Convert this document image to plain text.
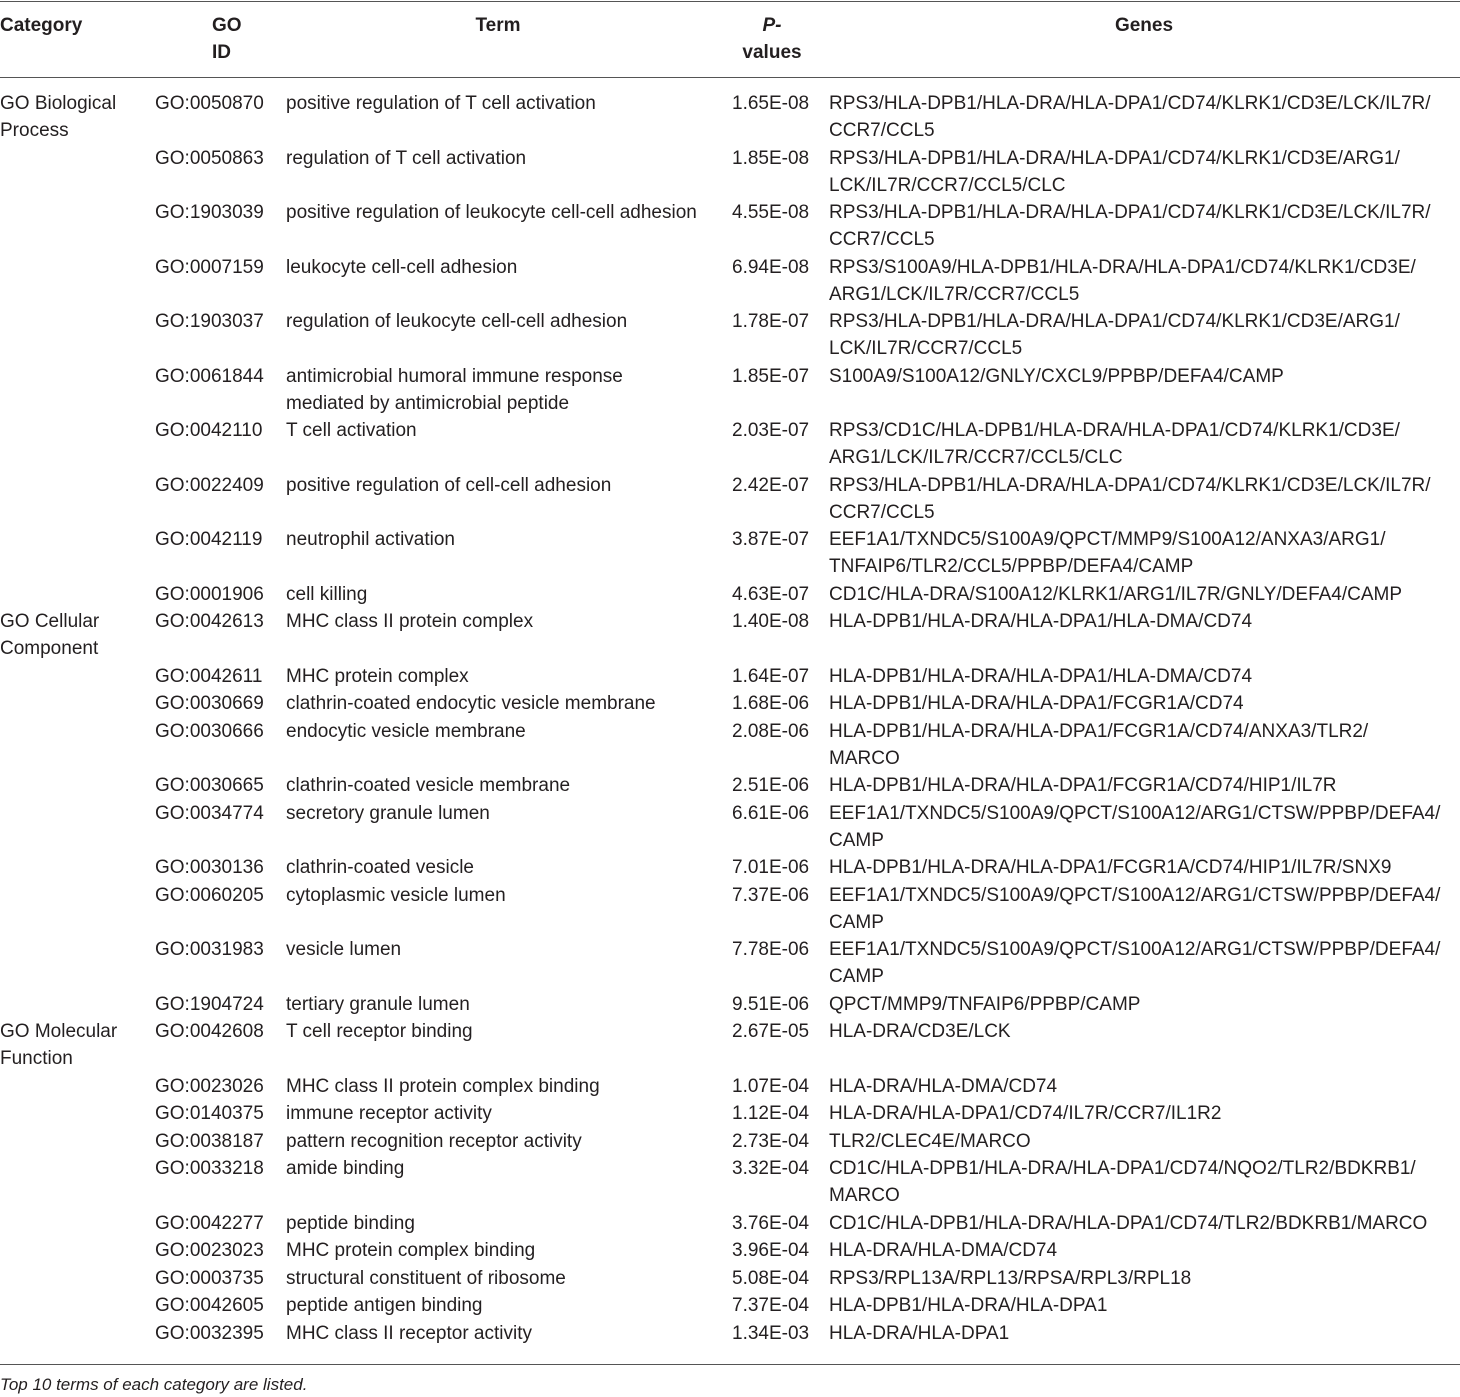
Category	GO ID
Term	P-
values
Genes
GO Biological
Process
GO:0050870 positive regulation of T cell activation	1.65E-08 RPS3/HLA-DPB1/HLA-DRA/HLA-DPA1/CD74/KLRK1/CD3E/LCK/IL7R/
CCR7/CCL5
GO:0050863 regulation of T cell activation	1.85E-08 RPS3/HLA-DPB1/HLA-DRA/HLA-DPA1/CD74/KLRK1/CD3E/ARG1/
LCK/IL7R/CCR7/CCL5/CLC
GO:1903039 positive regulation of leukocyte cell-cell adhesion 4.55E-08 RPS3/HLA-DPB1/HLA-DRA/HLA-DPA1/CD74/KLRK1/CD3E/LCK/IL7R/
CCR7/CCL5
GO:0007159 leukocyte cell-cell adhesion	6.94E-08 RPS3/S100A9/HLA-DPB1/HLA-DRA/HLA-DPA1/CD74/KLRK1/CD3E/
ARG1/LCK/IL7R/CCR7/CCL5
GO:1903037 regulation of leukocyte cell-cell adhesion	1.78E-07 RPS3/HLA-DPB1/HLA-DRA/HLA-DPA1/CD74/KLRK1/CD3E/ARG1/
LCK/IL7R/CCR7/CCL5
GO:0061844 antimicrobial humoral immune response
mediated by antimicrobial peptide
1.85E-07 S100A9/S100A12/GNLY/CXCL9/PPBP/DEFA4/CAMP
GO:0042110 T cell activation	2.03E-07 RPS3/CD1C/HLA-DPB1/HLA-DRA/HLA-DPA1/CD74/KLRK1/CD3E/
ARG1/LCK/IL7R/CCR7/CCL5/CLC
GO:0022409 positive regulation of cell-cell adhesion	2.42E-07 RPS3/HLA-DPB1/HLA-DRA/HLA-DPA1/CD74/KLRK1/CD3E/LCK/IL7R/
CCR7/CCL5
GO:0042119 neutrophil activation	3.87E-07 EEF1A1/TXNDC5/S100A9/QPCT/MMP9/S100A12/ANXA3/ARG1/
TNFAIP6/TLR2/CCL5/PPBP/DEFA4/CAMP
GO:0001906 cell killing	4.63E-07 CD1C/HLA-DRA/S100A12/KLRK1/ARG1/IL7R/GNLY/DEFA4/CAMP
GO Cellular
Component
GO:0042613 MHC class II protein complex	1.40E-08 HLA-DPB1/HLA-DRA/HLA-DPA1/HLA-DMA/CD74
GO:0042611 MHC protein complex	1.64E-07 HLA-DPB1/HLA-DRA/HLA-DPA1/HLA-DMA/CD74
GO:0030669 clathrin-coated endocytic vesicle membrane	1.68E-06 HLA-DPB1/HLA-DRA/HLA-DPA1/FCGR1A/CD74
GO:0030666 endocytic vesicle membrane	2.08E-06 HLA-DPB1/HLA-DRA/HLA-DPA1/FCGR1A/CD74/ANXA3/TLR2/
MARCO
GO:0030665 clathrin-coated vesicle membrane	2.51E-06 HLA-DPB1/HLA-DRA/HLA-DPA1/FCGR1A/CD74/HIP1/IL7R
GO:0034774 secretory granule lumen	6.61E-06 EEF1A1/TXNDC5/S100A9/QPCT/S100A12/ARG1/CTSW/PPBP/DEFA4/
CAMP
GO:0030136 clathrin-coated vesicle	7.01E-06 HLA-DPB1/HLA-DRA/HLA-DPA1/FCGR1A/CD74/HIP1/IL7R/SNX9
GO:0060205 cytoplasmic vesicle lumen	7.37E-06 EEF1A1/TXNDC5/S100A9/QPCT/S100A12/ARG1/CTSW/PPBP/DEFA4/
CAMP
GO:0031983 vesicle lumen	7.78E-06 EEF1A1/TXNDC5/S100A9/QPCT/S100A12/ARG1/CTSW/PPBP/DEFA4/
CAMP
GO:1904724 tertiary granule lumen	9.51E-06 QPCT/MMP9/TNFAIP6/PPBP/CAMP
GO Molecular
Function
GO:0042608 T cell receptor binding	2.67E-05 HLA-DRA/CD3E/LCK
GO:0023026 MHC class II protein complex binding	1.07E-04 HLA-DRA/HLA-DMA/CD74
GO:0140375 immune receptor activity	1.12E-04 HLA-DRA/HLA-DPA1/CD74/IL7R/CCR7/IL1R2
GO:0038187 pattern recognition receptor activity	2.73E-04 TLR2/CLEC4E/MARCO
GO:0033218 amide binding	3.32E-04 CD1C/HLA-DPB1/HLA-DRA/HLA-DPA1/CD74/NQO2/TLR2/BDKRB1/
MARCO
GO:0042277 peptide binding	3.76E-04 CD1C/HLA-DPB1/HLA-DRA/HLA-DPA1/CD74/TLR2/BDKRB1/MARCO
GO:0023023 MHC protein complex binding	3.96E-04 HLA-DRA/HLA-DMA/CD74
GO:0003735 structural constituent of ribosome	5.08E-04 RPS3/RPL13A/RPL13/RPSA/RPL3/RPL18
GO:0042605 peptide antigen binding	7.37E-04 HLA-DPB1/HLA-DRA/HLA-DPA1
GO:0032395 MHC class II receptor activity	1.34E-03 HLA-DRA/HLA-DPA1
Top 10 terms of each category are listed.
